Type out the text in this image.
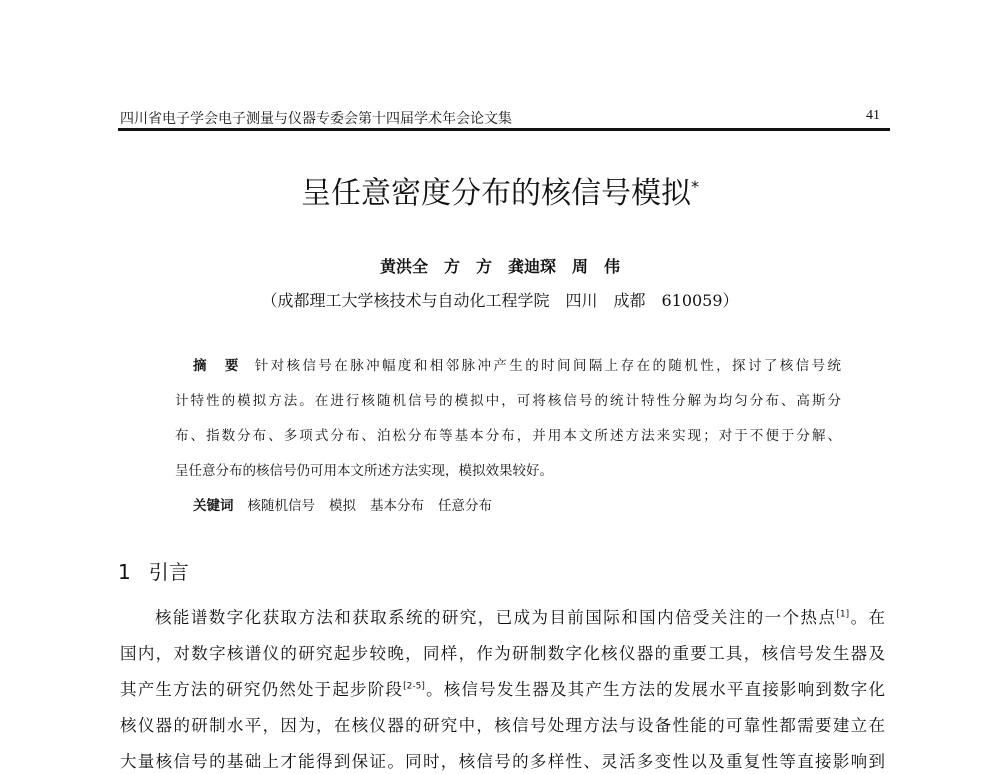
四川省电子学会电子测量与仪器专委会第十四届学术年会论文集	41
呈任意密度分布的核信号模拟*
黄洪全　方　方　龚迪琛　周　伟
（成都理工大学核技术与自动化工程学院　四川　成都　610059）
摘　要 针对核信号在脉冲幅度和相邻脉冲产生的时间间隔上存在的随机性，探讨了核信号统
计特性的模拟方法。在进行核随机信号的模拟中，可将核信号的统计特性分解为均匀分布、高斯分
布、指数分布、多项式分布、泊松分布等基本分布，并用本文所述方法来实现；对于不便于分解、
呈任意分布的核信号仍可用本文所述方法实现，模拟效果较好。
关键词 核随机信号 模拟 基本分布 任意分布
1 引言
核能谱数字化获取方法和获取系统的研究，已成为目前国际和国内倍受关注的一个热点[1]。在
国内，对数字核谱仪的研究起步较晚，同样，作为研制数字化核仪器的重要工具，核信号发生器及
其产生方法的研究仍然处于起步阶段[2-5]。核信号发生器及其产生方法的发展水平直接影响到数字化
核仪器的研制水平，因为，在核仪器的研究中，核信号处理方法与设备性能的可靠性都需要建立在
大量核信号的基础上才能得到保证。同时，核信号的多样性、灵活多变性以及重复性等直接影响到
